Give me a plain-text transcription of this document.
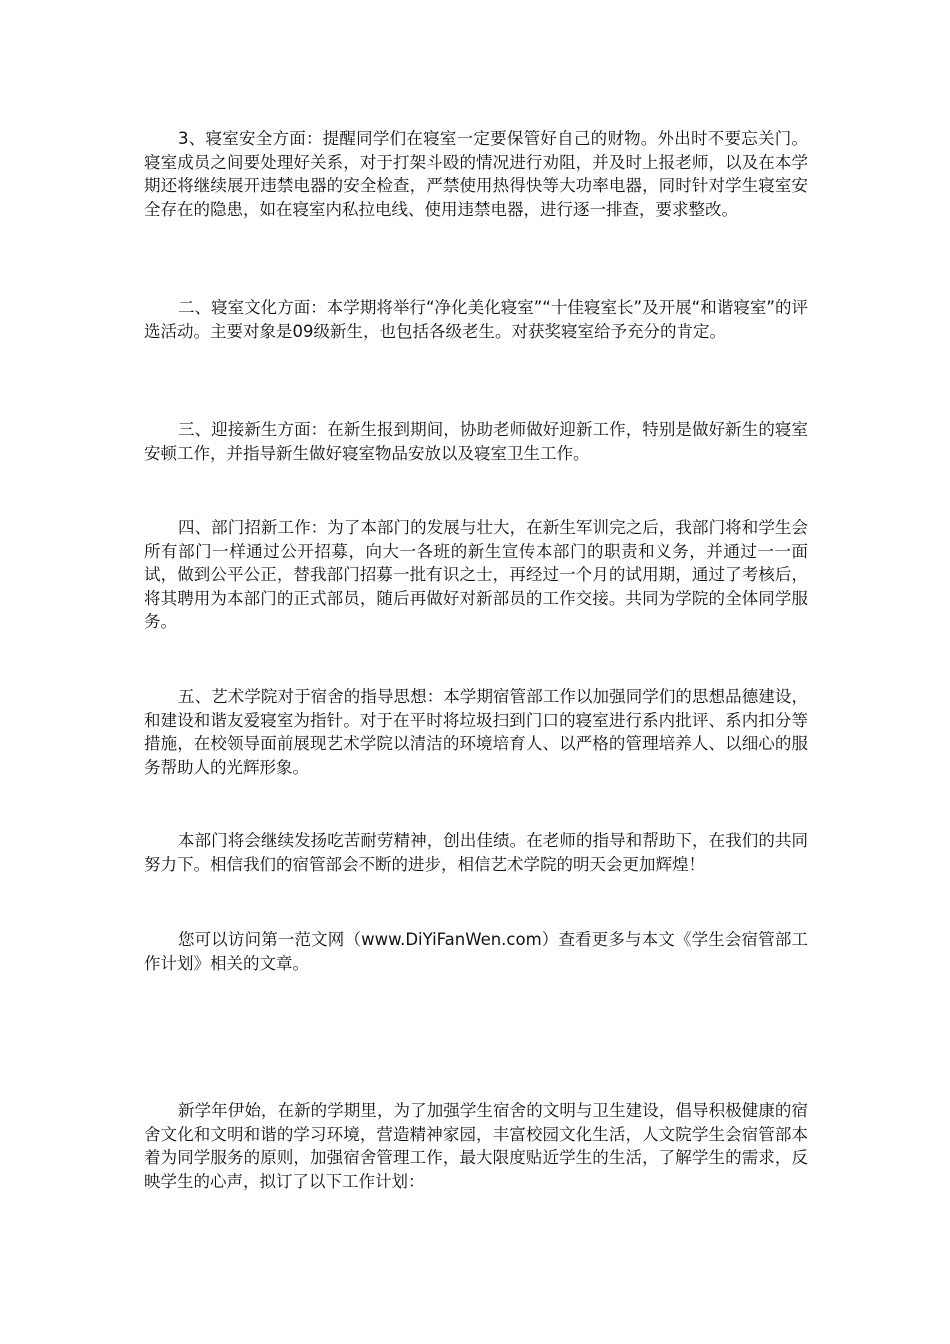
3、寝室安全方面：提醒同学们在寝室一定要保管好自己的财物。外出时不要忘关门。寝室成员之间要处理好关系，对于打架斗殴的情况进行劝阻，并及时上报老师，以及在本学期还将继续展开违禁电器的安全检查，严禁使用热得快等大功率电器，同时针对学生寝室安全存在的隐患，如在寝室内私拉电线、使用违禁电器，进行逐一排查，要求整改。

二、寝室文化方面：本学期将举行“净化美化寝室”“十佳寝室长”及开展“和谐寝室”的评选活动。主要对象是09级新生，也包括各级老生。对获奖寝室给予充分的肯定。

三、迎接新生方面：在新生报到期间，协助老师做好迎新工作，特别是做好新生的寝室安顿工作，并指导新生做好寝室物品安放以及寝室卫生工作。

四、部门招新工作：为了本部门的发展与壮大，在新生军训完之后，我部门将和学生会所有部门一样通过公开招募，向大一各班的新生宣传本部门的职责和义务，并通过一一面试，做到公平公正，替我部门招募一批有识之士，再经过一个月的试用期，通过了考核后，将其聘用为本部门的正式部员，随后再做好对新部员的工作交接。共同为学院的全体同学服务。

五、艺术学院对于宿舍的指导思想：本学期宿管部工作以加强同学们的思想品德建设，和建设和谐友爱寝室为指针。对于在平时将垃圾扫到门口的寝室进行系内批评、系内扣分等措施，在校领导面前展现艺术学院以清洁的环境培育人、以严格的管理培养人、以细心的服务帮助人的光辉形象。

本部门将会继续发扬吃苦耐劳精神，创出佳绩。在老师的指导和帮助下，在我们的共同努力下。相信我们的宿管部会不断的进步，相信艺术学院的明天会更加辉煌！

您可以访问第一范文网（www.DiYiFanWen.com）查看更多与本文《学生会宿管部工作计划》相关的文章。

新学年伊始，在新的学期里，为了加强学生宿舍的文明与卫生建设，倡导积极健康的宿舍文化和文明和谐的学习环境，营造精神家园，丰富校园文化生活，人文院学生会宿管部本着为同学服务的原则，加强宿舍管理工作，最大限度贴近学生的生活，了解学生的需求，反映学生的心声，拟订了以下工作计划：
